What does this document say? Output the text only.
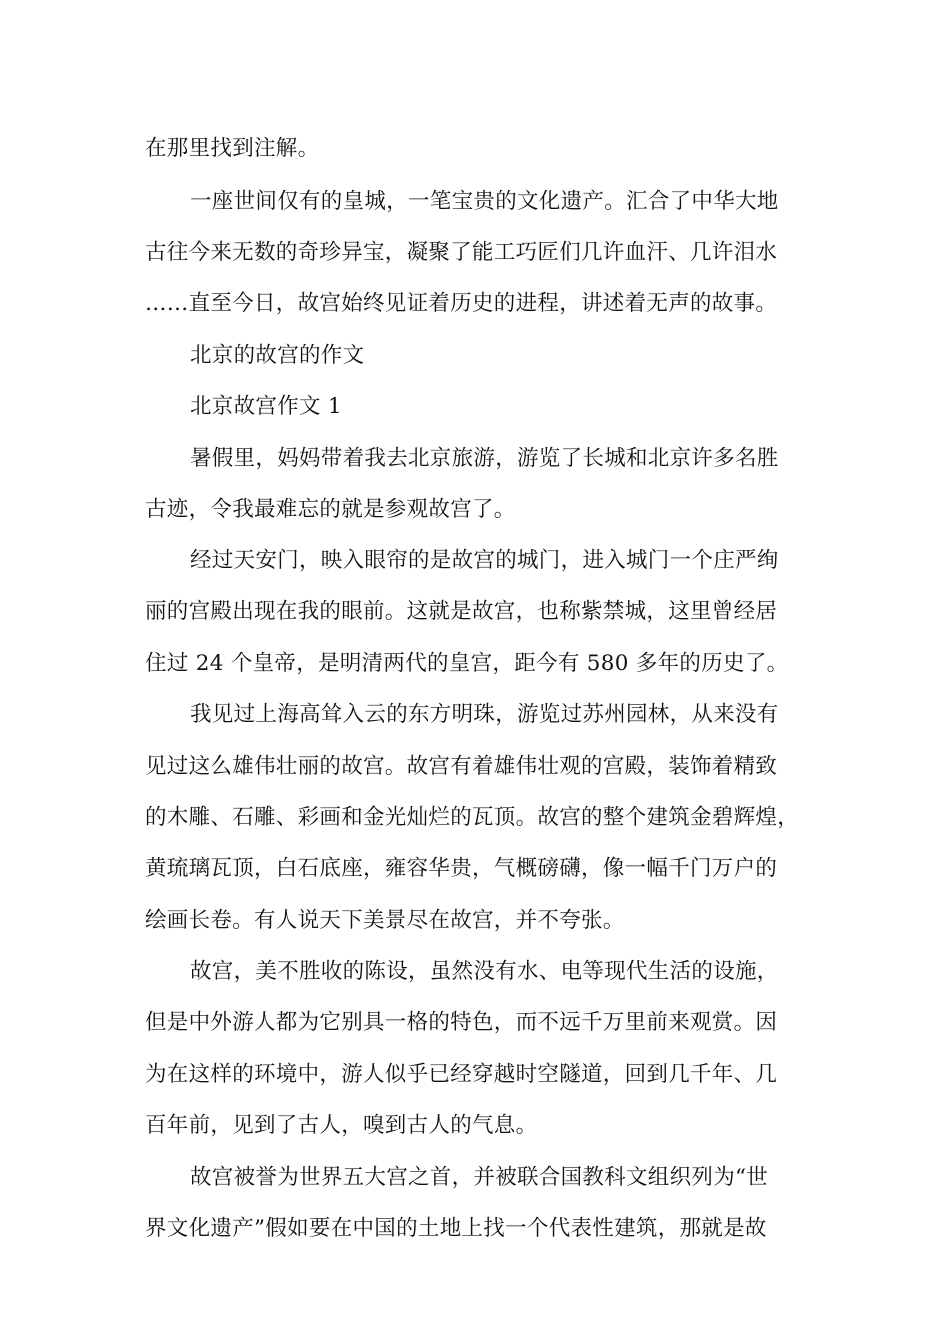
在那里找到注解。
一座世间仅有的皇城，一笔宝贵的文化遗产。汇合了中华大地
古往今来无数的奇珍异宝，凝聚了能工巧匠们几许血汗、几许泪水
……直至今日，故宫始终见证着历史的进程，讲述着无声的故事。
北京的故宫的作文
北京故宫作文 1
暑假里，妈妈带着我去北京旅游，游览了长城和北京许多名胜
古迹，令我最难忘的就是参观故宫了。
经过天安门，映入眼帘的是故宫的城门，进入城门一个庄严绚
丽的宫殿出现在我的眼前。这就是故宫，也称紫禁城，这里曾经居
住过 24 个皇帝，是明清两代的皇宫，距今有 580 多年的历史了。
我见过上海高耸入云的东方明珠，游览过苏州园林，从来没有
见过这么雄伟壮丽的故宫。故宫有着雄伟壮观的宫殿，装饰着精致
的木雕、石雕、彩画和金光灿烂的瓦顶。故宫的整个建筑金碧辉煌，
黄琉璃瓦顶，白石底座，雍容华贵，气概磅礴，像一幅千门万户的
绘画长卷。有人说天下美景尽在故宫，并不夸张。
故宫，美不胜收的陈设，虽然没有水、电等现代生活的设施，
但是中外游人都为它别具一格的特色，而不远千万里前来观赏。因
为在这样的环境中，游人似乎已经穿越时空隧道，回到几千年、几
百年前，见到了古人，嗅到古人的气息。
故宫被誉为世界五大宫之首，并被联合国教科文组织列为“世
界文化遗产”假如要在中国的土地上找一个代表性建筑，那就是故
